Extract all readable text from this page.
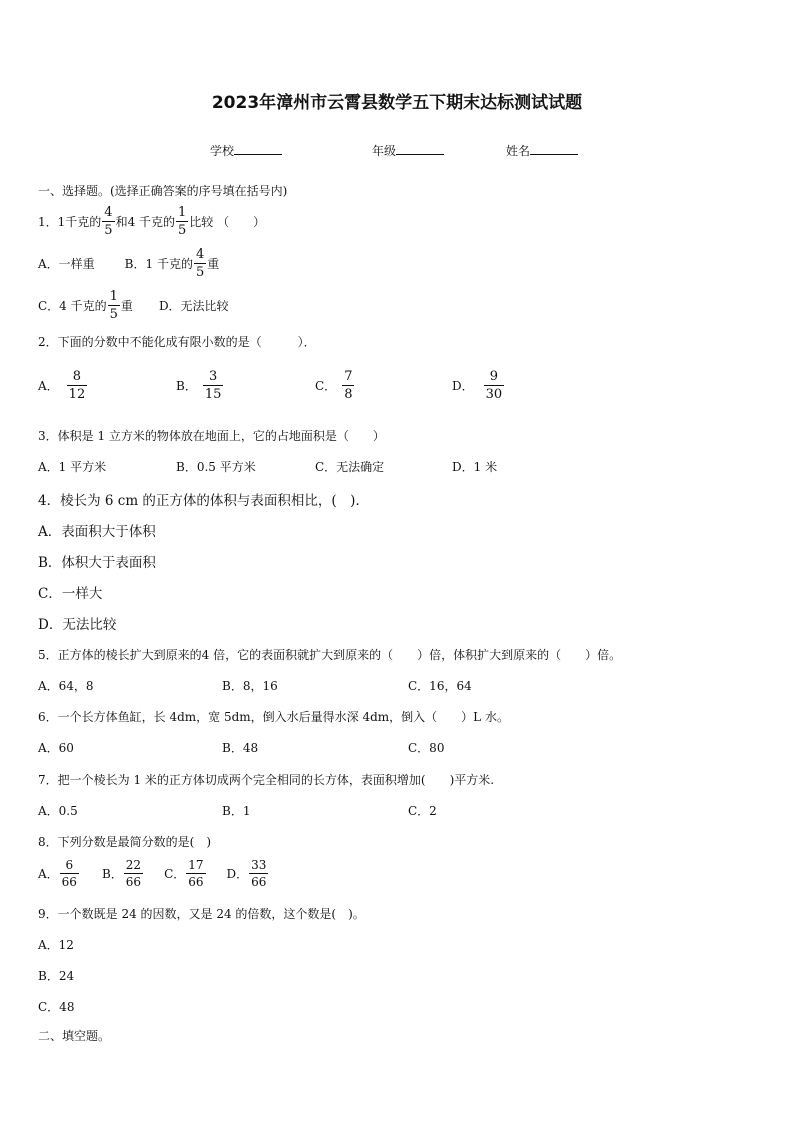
2023年漳州市云霄县数学五下期末达标测试试题
学校	年级	姓名
一、选择题。(选择正确答案的序号填在括号内)
1．1千克的 $\frac{4}{5}$ 和4 千克的 $\frac{1}{5}$ 比较 （　　）
A．一样重	B．1 千克的 $\frac{4}{5}$ 重
C．4 千克的 $\frac{1}{5}$ 重 D．无法比较
2．下面的分数中不能化成有限小数的是（　　　）．
A． $\frac{8}{12}$	B． $\frac{3}{15}$	C． $\frac{7}{8}$	D． $\frac{9}{30}$
3．体积是 1 立方米的物体放在地面上，它的占地面积是（　　）
A．1 平方米	B．0.5 平方米	C．无法确定	D．1 米
4．棱长为 6 cm 的正方体的体积与表面积相比，(　)．
A．表面积大于体积
B．体积大于表面积
C．一样大
D．无法比较
5．正方体的棱长扩大到原来的4 倍，它的表面积就扩大到原来的（　　）倍，体积扩大到原来的（　　）倍。
A．64，8	B．8，16	C．16，64
6．一个长方体鱼缸，长 4dm，宽 5dm，倒入水后量得水深 4dm，倒入（　　）L 水。
A．60	B．48	C．80
7．把一个棱长为 1 米的正方体切成两个完全相同的长方体，表面积增加(　　)平方米.
A．0.5	B．1	C．2
8．下列分数是最简分数的是(　)
A． $\frac{6}{66}$ B． $\frac{22}{66}$ C． $\frac{17}{66}$ D． $\frac{33}{66}$
9．一个数既是 24 的因数，又是 24 的倍数，这个数是(　)。
A．12
B．24
C．48
二、填空题。
